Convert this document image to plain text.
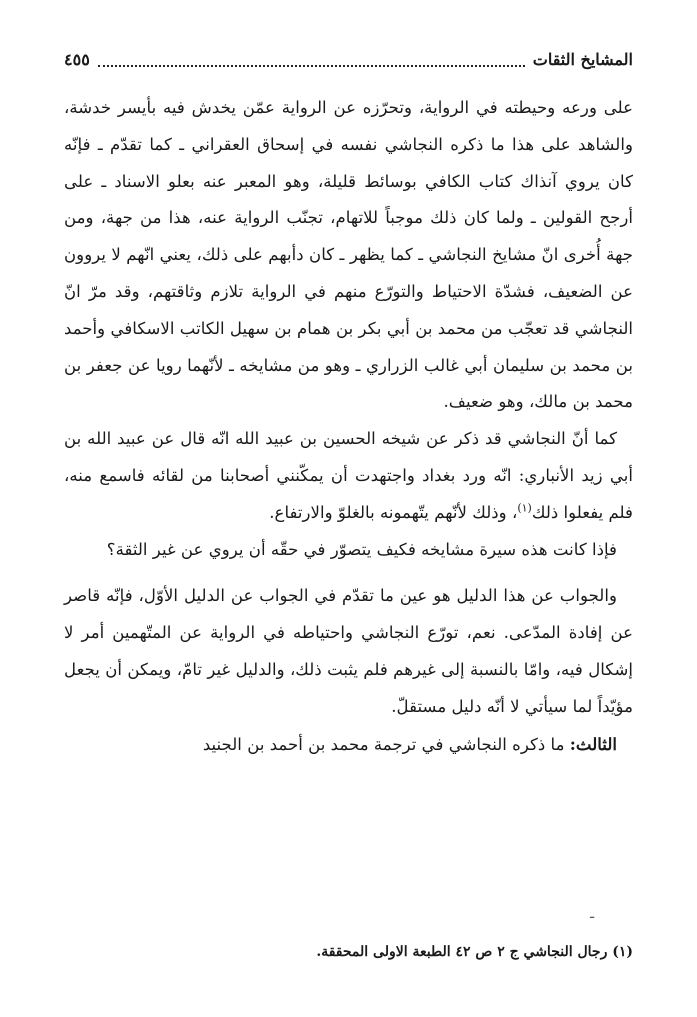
المشايخ الثقات
٤٥٥

على ورعه وحيطته في الرواية، وتحرّزه عن الرواية عمّن يخدش فيه بأيسر خدشة، والشاهد على هذا ما ذكره النجاشي نفسه في إسحاق العقراني ـ كما تقدّم ـ فإنّه كان يروي آنذاك كتاب الكافي بوسائط قليلة، وهو المعبر عنه بعلو الاسناد ـ على أرجح القولين ـ ولما كان ذلك موجباً للاتهام، تجنّب الرواية عنه، هذا من جهة، ومن جهة أُخرى انّ مشايخ النجاشي ـ كما يظهر ـ كان دأبهم على ذلك، يعني انّهم لا يروون عن الضعيف، فشدّة الاحتياط والتورّع منهم في الرواية تلازم وثاقتهم، وقد مرّ انّ النجاشي قد تعجّب من محمد بن أبي بكر بن همام بن سهيل الكاتب الاسكافي وأحمد بن محمد بن سليمان أبي غالب الزراري ـ وهو من مشايخه ـ لأنّهما رويا عن جعفر بن محمد بن مالك، وهو ضعيف.

كما أنّ النجاشي قد ذكر عن شيخه الحسين بن عبيد الله انّه قال عن عبيد الله بن أبي زيد الأنباري: انّه ورد بغداد واجتهدت أن يمكّنني أصحابنا من لقائه فاسمع منه، فلم يفعلوا ذلك$^{(١)}$، وذلك لأنّهم يتّهمونه بالغلوّ والارتفاع.

فإذا كانت هذه سيرة مشايخه فكيف يتصوّر في حقّه أن يروي عن غير الثقة؟

والجواب عن هذا الدليل هو عين ما تقدّم في الجواب عن الدليل الأوّل، فإنّه قاصر عن إفادة المدّعى. نعم، تورّع النجاشي واحتياطه في الرواية عن المتّهمين أمر لا إشكال فيه، وامّا بالنسبة إلى غيرهم فلم يثبت ذلك، والدليل غير تامّ، ويمكن أن يجعل مؤيّداً لما سيأتي لا أنّه دليل مستقلّ.

الثالث: ما ذكره النجاشي في ترجمة محمد بن أحمد بن الجنيد

ـ
(١) رجال النجاشي ج ٢ ص ٤٢ الطبعة الاولى المحققة.
